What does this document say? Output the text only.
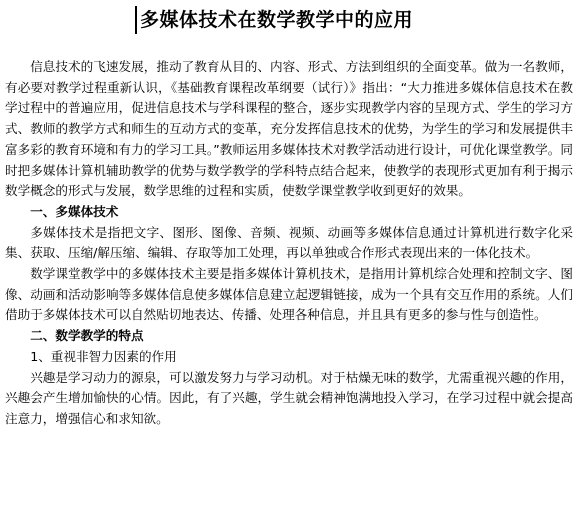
多媒体技术在数学教学中的应用

信息技术的飞速发展，推动了教育从目的、内容、形式、方法到组织的全面变革。做为一名教师，有必要对教学过程重新认识，《基础教育课程改革纲要（试行）》指出：“大力推进多媒体信息技术在教学过程中的普遍应用，促进信息技术与学科课程的整合，逐步实现教学内容的呈现方式、学生的学习方式、教师的教学方式和师生的互动方式的变革，充分发挥信息技术的优势，为学生的学习和发展提供丰富多彩的教育环境和有力的学习工具。”教师运用多媒体技术对教学活动进行设计，可优化课堂教学。同时把多媒体计算机辅助教学的优势与数学教学的学科特点结合起来，使教学的表现形式更加有利于揭示数学概念的形式与发展，数学思维的过程和实质，使数学课堂教学收到更好的效果。

一、多媒体技术

多媒体技术是指把文字、图形、图像、音频、视频、动画等多媒体信息通过计算机进行数字化采集、获取、压缩/解压缩、编辑、存取等加工处理，再以单独或合作形式表现出来的一体化技术。

数学课堂教学中的多媒体技术主要是指多媒体计算机技术，是指用计算机综合处理和控制文字、图像、动画和活动影响等多媒体信息使多媒体信息建立起逻辑链接，成为一个具有交互作用的系统。人们借助于多媒体技术可以自然贴切地表达、传播、处理各种信息，并且具有更多的参与性与创造性。

二、数学教学的特点

1、重视非智力因素的作用

兴趣是学习动力的源泉，可以激发努力与学习动机。对于枯燥无味的数学，尤需重视兴趣的作用，兴趣会产生增加愉快的心情。因此，有了兴趣，学生就会精神饱满地投入学习，在学习过程中就会提高注意力，增强信心和求知欲。
